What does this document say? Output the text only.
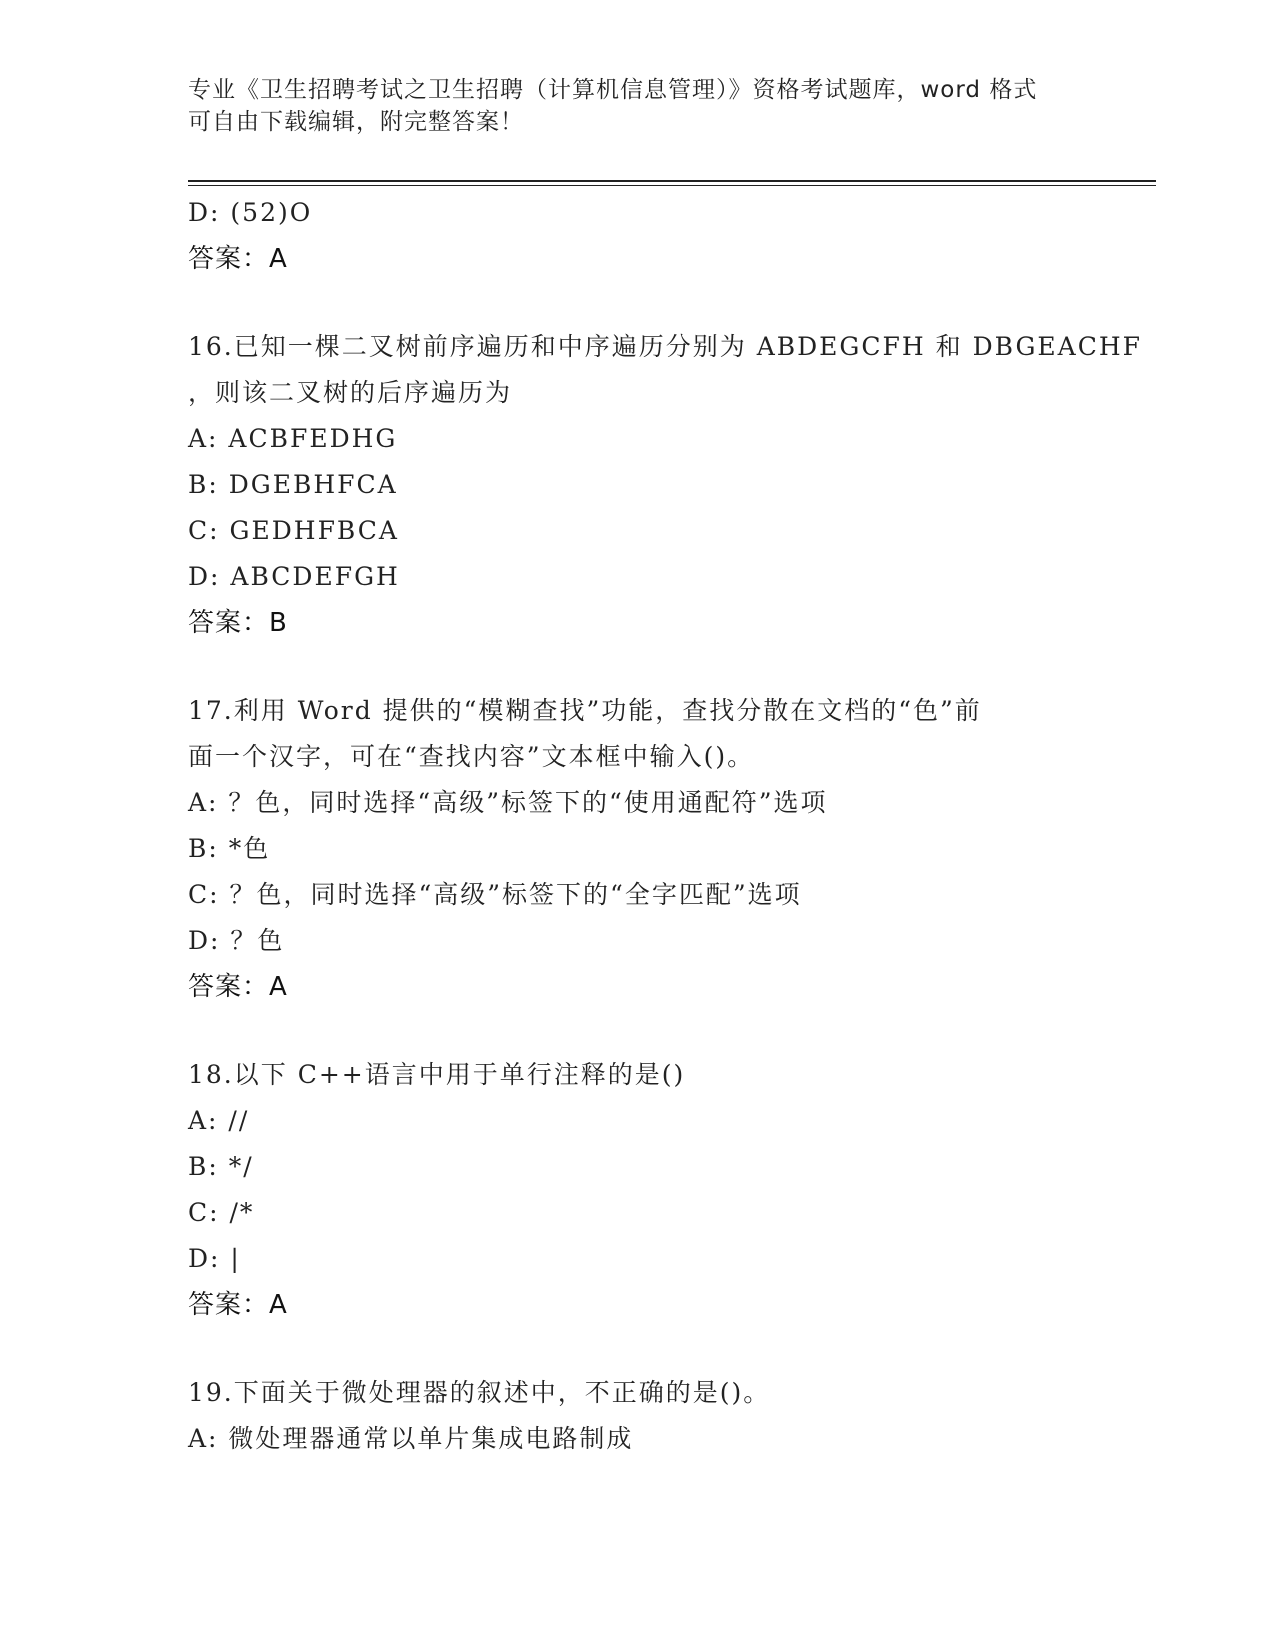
专业《卫生招聘考试之卫生招聘（计算机信息管理）》资格考试题库，word 格式
可自由下载编辑，附完整答案！
D: (52)O
答案：A
16.已知一棵二叉树前序遍历和中序遍历分别为 ABDEGCFH 和 DBGEACHF
，则该二叉树的后序遍历为
A: ACBFEDHG
B: DGEBHFCA
C: GEDHFBCA
D: ABCDEFGH
答案：B
17.利用 Word 提供的“模糊查找”功能，查找分散在文档的“色”前
面一个汉字，可在“查找内容”文本框中输入()。
A: ？色，同时选择“高级”标签下的“使用通配符”选项
B: *色
C: ？色，同时选择“高级”标签下的“全字匹配”选项
D: ？色
答案：A
18.以下 C++语言中用于单行注释的是()
A: //
B: */
C: /*
D: |
答案：A
19.下面关于微处理器的叙述中，不正确的是()。
A: 微处理器通常以单片集成电路制成
